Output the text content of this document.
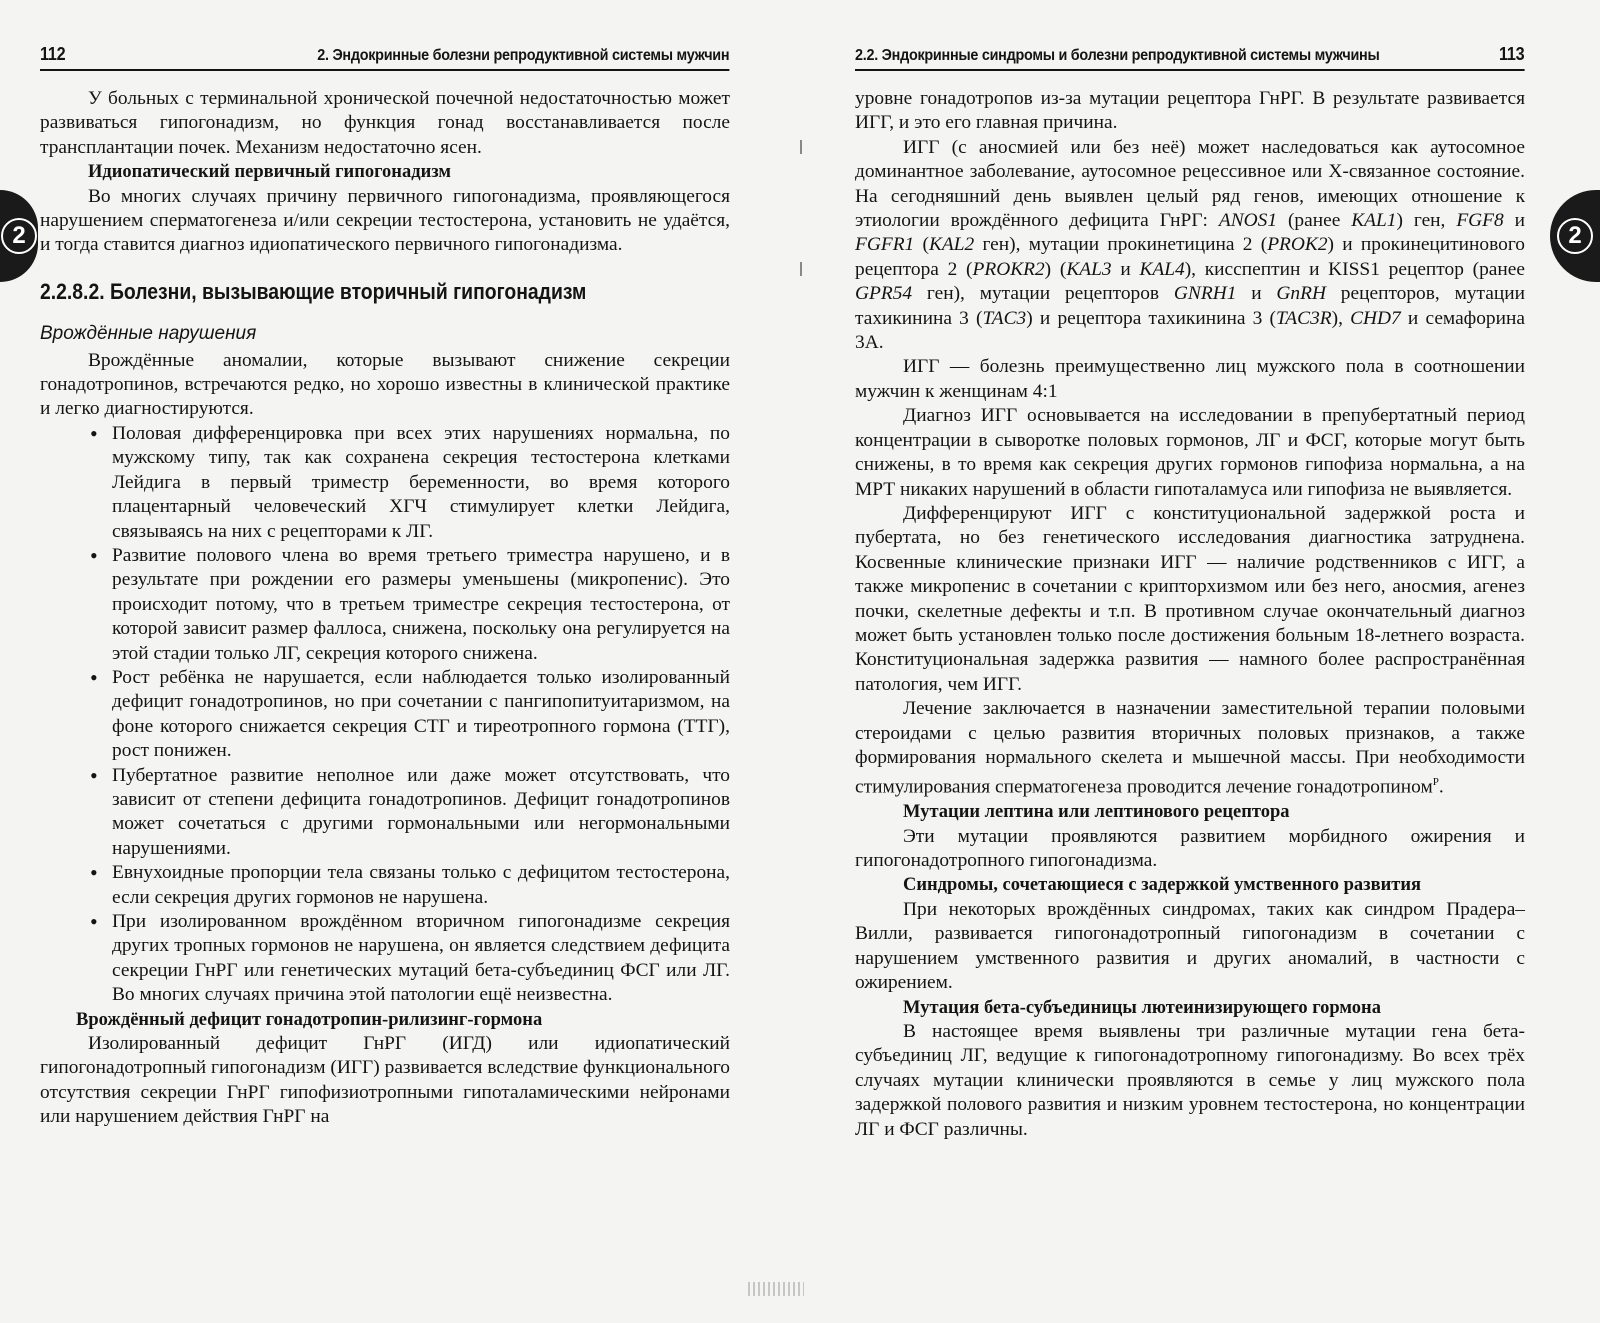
2	2
112	2. Эндокринные болезни репродуктивной системы мужчин

У больных с терминальной хронической почечной недостаточностью может развиваться гипогонадизм, но функция гонад восстанавливается после трансплантации почек. Механизм недостаточно ясен.

Идиопатический первичный гипогонадизм

Во многих случаях причину первичного гипогонадизма, проявляющегося нарушением сперматогенеза и/или секреции тестостерона, установить не удаётся, и тогда ставится диагноз идиопатического первичного гипогонадизма.

2.2.8.2. Болезни, вызывающие вторичный гипогонадизм
Врождённые нарушения

Врождённые аномалии, которые вызывают снижение секреции гонадотропинов, встречаются редко, но хорошо известны в клинической практике и легко диагностируются.

• Половая дифференцировка при всех этих нарушениях нормальна, по мужскому типу, так как сохранена секреция тестостерона клетками Лейдига в первый триместр беременности, во время которого плацентарный человеческий ХГЧ стимулирует клетки Лейдига, связываясь на них с рецепторами к ЛГ.
• Развитие полового члена во время третьего триместра нарушено, и в результате при рождении его размеры уменьшены (микропенис). Это происходит потому, что в третьем триместре секреция тестостерона, от которой зависит размер фаллоса, снижена, поскольку она регулируется на этой стадии только ЛГ, секреция которого снижена.
• Рост ребёнка не нарушается, если наблюдается только изолированный дефицит гонадотропинов, но при сочетании с пангипопитуитаризмом, на фоне которого снижается секреция СТГ и тиреотропного гормона (ТТГ), рост понижен.
• Пубертатное развитие неполное или даже может отсутствовать, что зависит от степени дефицита гонадотропинов. Дефицит гонадотропинов может сочетаться с другими гормональными или негормональными нарушениями.
• Евнухоидные пропорции тела связаны только с дефицитом тестостерона, если секреция других гормонов не нарушена.
• При изолированном врождённом вторичном гипогонадизме секреция других тропных гормонов не нарушена, он является следствием дефицита секреции ГнРГ или генетических мутаций бета-субъединиц ФСГ или ЛГ. Во многих случаях причина этой патологии ещё неизвестна.
Врождённый дефицит гонадотропин-рилизинг-гормона

Изолированный дефицит ГнРГ (ИГД) или идиопатический гипогонадотропный гипогонадизм (ИГГ) развивается вследствие функционального отсутствия секреции ГнРГ гипофизиотропными гипоталамическими нейронами или нарушением действия ГнРГ на

2.2. Эндокринные синдромы и болезни репродуктивной системы мужчины	113

уровне гонадотропов из-за мутации рецептора ГнРГ. В результате развивается ИГГ, и это его главная причина.

ИГГ (с аносмией или без неё) может наследоваться как аутосомное доминантное заболевание, аутосомное рецессивное или Х-связанное состояние. На сегодняшний день выявлен целый ряд генов, имеющих отношение к этиологии врождённого дефицита ГнРГ: ANOS1 (ранее KAL1) ген, FGF8 и FGFR1 (KAL2 ген), мутации прокинетицина 2 (PROK2) и прокинецитинового рецептора 2 (PROKR2) (KAL3 и KAL4), кисспептин и KISS1 рецептор (ранее GPR54 ген), мутации рецепторов GNRH1 и GnRH рецепторов, мутации тахикинина 3 (TAC3) и рецептора тахикинина 3 (TAC3R), CHD7 и семафорина 3А.

ИГГ — болезнь преимущественно лиц мужского пола в соотношении мужчин к женщинам 4:1

Диагноз ИГГ основывается на исследовании в препубертатный период концентрации в сыворотке половых гормонов, ЛГ и ФСГ, которые могут быть снижены, в то время как секреция других гормонов гипофиза нормальна, а на МРТ никаких нарушений в области гипоталамуса или гипофиза не выявляется.

Дифференцируют ИГГ с конституциональной задержкой роста и пубертата, но без генетического исследования диагностика затруднена. Косвенные клинические признаки ИГГ — наличие родственников с ИГГ, а также микропенис в сочетании с крипторхизмом или без него, аносмия, агенез почки, скелетные дефекты и т.п. В противном случае окончательный диагноз может быть установлен только после достижения больным 18-летнего возраста. Конституциональная задержка развития — намного более распространённая патология, чем ИГГ.

Лечение заключается в назначении заместительной терапии половыми стероидами с целью развития вторичных половых признаков, а также формирования нормального скелета и мышечной массы. При необходимости стимулирования сперматогенеза проводится лечение гонадотропином$^Р$.

Мутации лептина или лептинового рецептора

Эти мутации проявляются развитием морбидного ожирения и гипогонадотропного гипогонадизма.

Синдромы, сочетающиеся с задержкой умственного развития

При некоторых врождённых синдромах, таких как синдром Прадера–Вилли, развивается гипогонадотропный гипогонадизм в сочетании с нарушением умственного развития и других аномалий, в частности с ожирением.

Мутация бета-субъединицы лютеинизирующего гормона

В настоящее время выявлены три различные мутации гена бета-субъединиц ЛГ, ведущие к гипогонадотропному гипогонадизму. Во всех трёх случаях мутации клинически проявляются в семье у лиц мужского пола задержкой полового развития и низким уровнем тестостерона, но концентрации ЛГ и ФСГ различны.
